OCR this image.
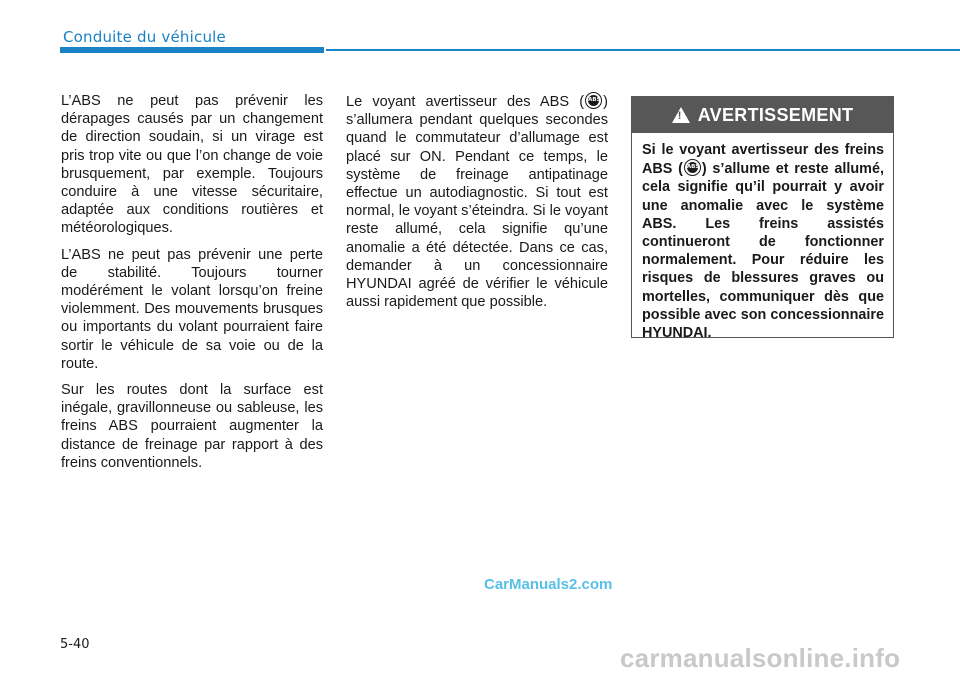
Conduite du véhicule

L’ABS ne peut pas prévenir les dérapages causés par un changement de direction soudain, si un virage est pris trop vite ou que l’on change de voie brusquement, par exemple. Toujours conduire à une vitesse sécuritaire, adaptée aux conditions routières et météorologiques.

L’ABS ne peut pas prévenir une perte de stabilité. Toujours tourner modérément le volant lorsqu’on freine violemment. Des mouvements brusques ou importants du volant pourraient faire sortir le véhicule de sa voie ou de la route.

Sur les routes dont la surface est inégale, gravillonneuse ou sableuse, les freins ABS pourraient augmenter la distance de freinage par rapport à des freins conventionnels.

Le voyant avertisseur des ABS ( ABS ) s’allumera pendant quelques secondes quand le commutateur d’allumage est placé sur ON. Pendant ce temps, le système de freinage antipatinage effectue un autodiagnostic. Si tout est normal, le voyant s’éteindra. Si le voyant reste allumé, cela signifie qu’une anomalie a été détectée. Dans ce cas, demander à un concessionnaire HYUNDAI agréé de vérifier le véhicule aussi rapidement que possible.

!
AVERTISSEMENT
Si le voyant avertisseur des freins ABS ( ABS ) s’allume et reste allumé, cela signifie qu’il pourrait y avoir une anomalie avec le système ABS. Les freins assistés continueront de fonctionner normalement. Pour réduire les risques de blessures graves ou mortelles, communiquer dès que possible avec son concessionnaire HYUNDAI.
5-40
CarManuals2.com
carmanualsonline.info
